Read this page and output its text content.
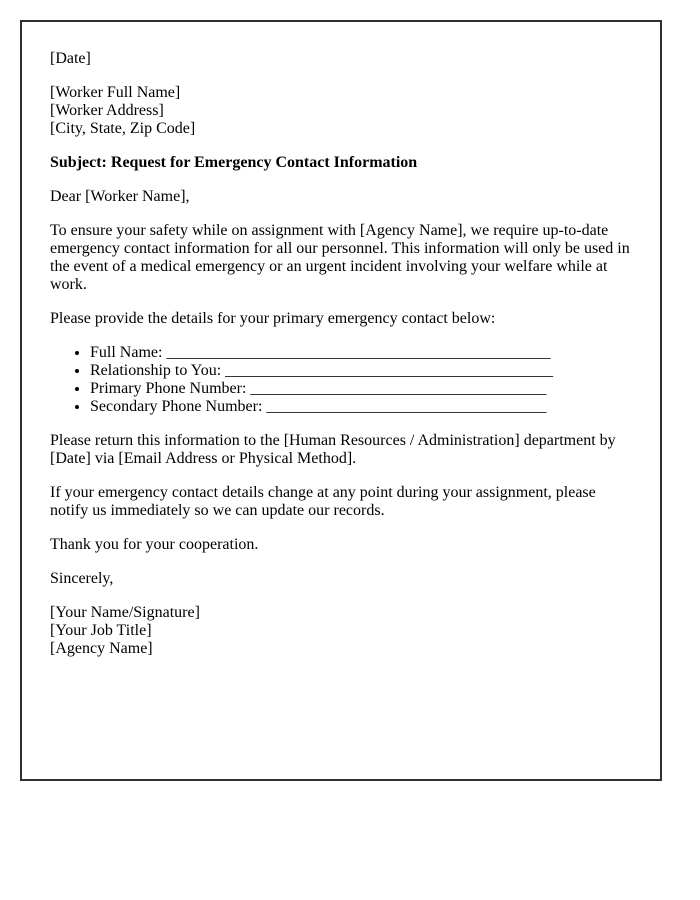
[Date]

[Worker Full Name]
[Worker Address]
[City, State, Zip Code]

Subject: Request for Emergency Contact Information

Dear [Worker Name],

To ensure your safety while on assignment with [Agency Name], we require up-to-date emergency contact information for all our personnel. This information will only be used in the event of a medical emergency or an urgent incident involving your welfare while at work.

Please provide the details for your primary emergency contact below:

• Full Name: ________________________________________________
• Relationship to You: _________________________________________
• Primary Phone Number: _____________________________________
• Secondary Phone Number: ___________________________________

Please return this information to the [Human Resources / Administration] department by [Date] via [Email Address or Physical Method].

If your emergency contact details change at any point during your assignment, please notify us immediately so we can update our records.

Thank you for your cooperation.

Sincerely,

[Your Name/Signature]
[Your Job Title]
[Agency Name]
